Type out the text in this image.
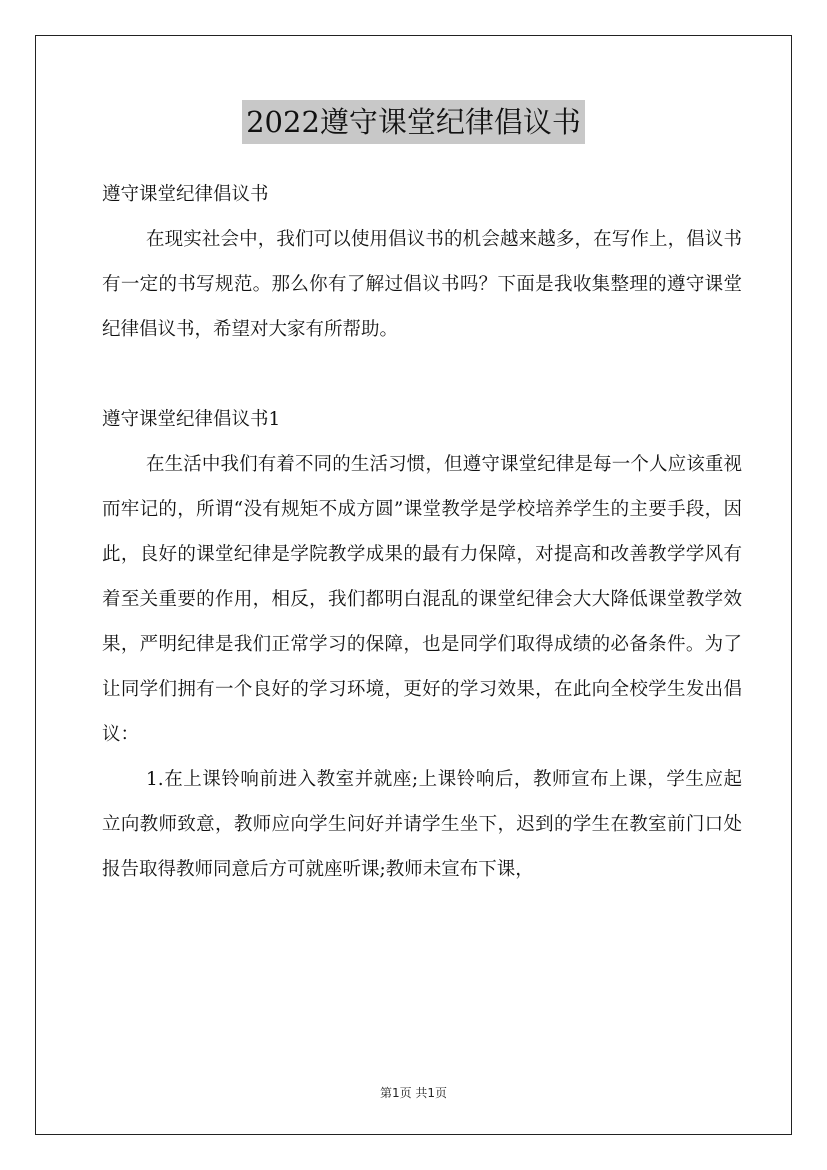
2022遵守课堂纪律倡议书

遵守课堂纪律倡议书

在现实社会中，我们可以使用倡议书的机会越来越多，在写作上，倡议书有一定的书写规范。那么你有了解过倡议书吗？下面是我收集整理的遵守课堂纪律倡议书，希望对大家有所帮助。

遵守课堂纪律倡议书1

在生活中我们有着不同的生活习惯，但遵守课堂纪律是每一个人应该重视而牢记的，所谓“没有规矩不成方圆”课堂教学是学校培养学生的主要手段，因此，良好的课堂纪律是学院教学成果的最有力保障，对提高和改善教学学风有着至关重要的作用，相反，我们都明白混乱的课堂纪律会大大降低课堂教学效果，严明纪律是我们正常学习的保障，也是同学们取得成绩的必备条件。为了让同学们拥有一个良好的学习环境，更好的学习效果，在此向全校学生发出倡议：

1.在上课铃响前进入教室并就座;上课铃响后，教师宣布上课，学生应起立向教师致意，教师应向学生问好并请学生坐下，迟到的学生在教室前门口处报告取得教师同意后方可就座听课;教师未宣布下课，

第1页 共1页
